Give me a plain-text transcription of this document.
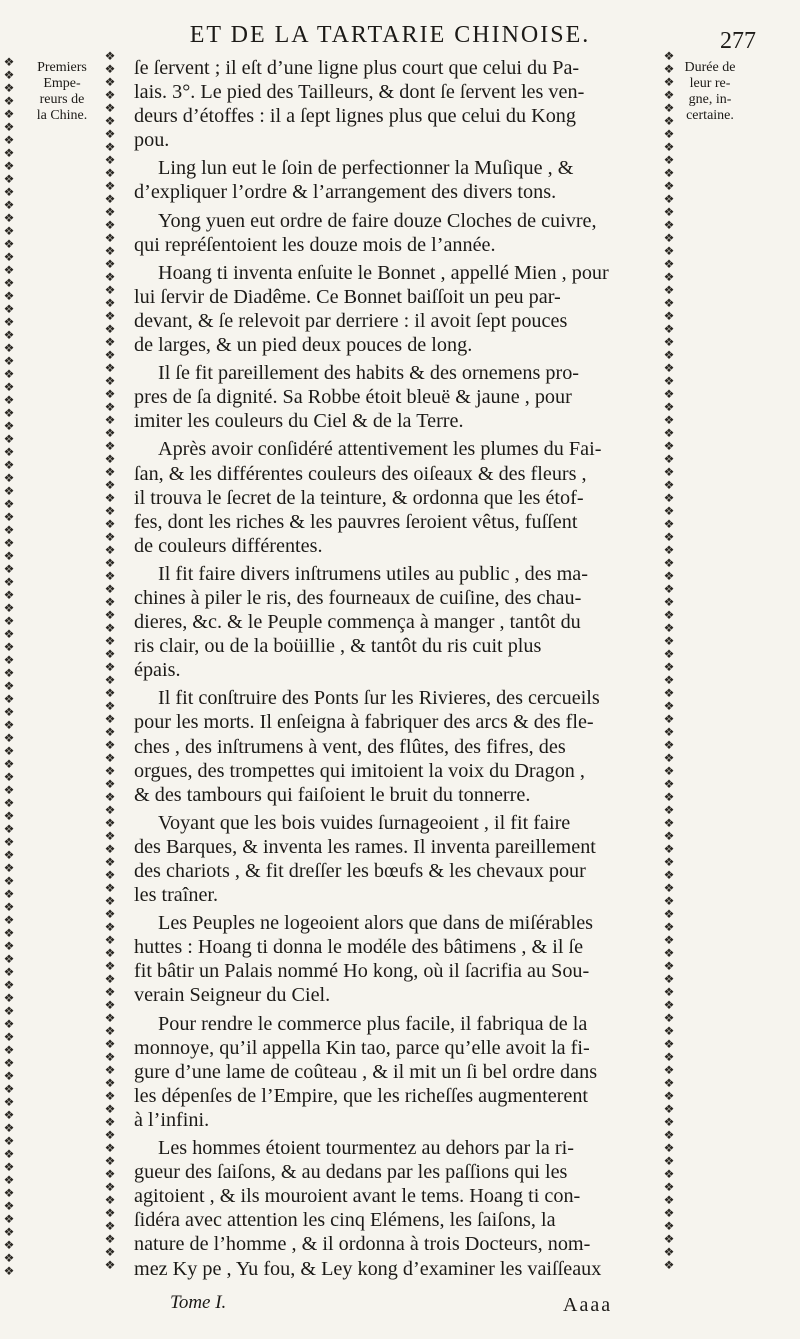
ET DE LA TARTARIE CHINOISE.	277
❖
❖
❖
❖
❖
❖
❖
❖
❖
❖
❖
❖
❖
❖
❖
❖
❖
❖
❖
❖
❖
❖
❖
❖
❖
❖
❖
❖
❖
❖
❖
❖
❖
❖
❖
❖
❖
❖
❖
❖
❖
❖
❖
❖
❖
❖
❖
❖
❖
❖
❖
❖
❖
❖
❖
❖
❖
❖
❖
❖
❖
❖
❖
❖
❖
❖
❖
❖
❖
❖
❖
❖
❖
❖
❖
❖
❖
❖
❖
❖
❖
❖
❖
❖
❖
❖
❖
❖
❖
❖
❖
❖
❖
❖
❖
❖
❖
❖
❖
❖
❖
❖
❖
❖
❖
❖
❖
❖
❖
❖
❖
❖
❖
❖
❖
❖
❖
❖
❖
❖
❖
❖
❖
❖
❖
❖
❖
❖
❖
❖
❖
❖
❖
❖
❖
❖
❖
❖
❖
❖
❖
❖
❖
❖
❖
❖
❖
❖
❖
❖
❖
❖
❖
❖
❖
❖
❖
❖
❖
❖
❖
❖
❖
❖
❖
❖
❖
❖
❖
❖
❖
❖
❖
❖
❖
❖
❖
❖
❖
❖
❖
❖
❖
❖
❖
❖
❖
❖
❖
❖
❖
❖
❖
❖
❖
❖
❖
❖
❖
❖
❖
❖
❖
❖
❖
❖
❖
❖
❖
❖
❖
❖
❖
❖
❖
❖
❖
❖
❖
❖
❖
❖
❖
❖
❖
❖
❖
❖
❖
❖
❖
❖
❖
❖
❖
❖
❖
❖
❖
❖
❖
❖
❖
❖
❖
❖
❖
❖
❖
❖
❖
❖
❖
❖
❖
❖
❖
❖
❖
❖
❖
❖
❖
❖
❖
❖
❖
❖
❖
❖
❖
❖
❖
❖
❖
❖
❖
❖
❖
❖
❖
❖
Premiers
Empe-
reurs de
la Chine.
Durée de
leur re-
gne, in-
certaine.
ſe ſervent ; il eſt d’une ligne plus court que celui du Pa-
lais. 3°. Le pied des Tailleurs, & dont ſe ſervent les ven-
deurs d’étoffes : il a ſept lignes plus que celui du Kong
pou.
Ling lun eut le ſoin de perfectionner la Muſique , &
d’expliquer l’ordre & l’arrangement des divers tons.
Yong yuen eut ordre de faire douze Cloches de cuivre,
qui repréſentoient les douze mois de l’année.
Hoang ti inventa enſuite le Bonnet , appellé Mien , pour
lui ſervir de Diadême. Ce Bonnet baiſſoit un peu par-
devant, & ſe relevoit par derriere : il avoit ſept pouces
de larges, & un pied deux pouces de long.
Il ſe fit pareillement des habits & des ornemens pro-
pres de ſa dignité. Sa Robbe étoit bleuë & jaune , pour
imiter les couleurs du Ciel & de la Terre.
Après avoir conſidéré attentivement les plumes du Fai-
ſan, & les différentes couleurs des oiſeaux & des fleurs ,
il trouva le ſecret de la teinture, & ordonna que les étof-
fes, dont les riches & les pauvres ſeroient vêtus, fuſſent
de couleurs différentes.
Il fit faire divers inſtrumens utiles au public , des ma-
chines à piler le ris, des fourneaux de cuiſine, des chau-
dieres, &c. & le Peuple commença à manger , tantôt du
ris clair, ou de la boüillie , & tantôt du ris cuit plus
épais.
Il fit conſtruire des Ponts ſur les Rivieres, des cercueils
pour les morts. Il enſeigna à fabriquer des arcs & des fle-
ches , des inſtrumens à vent, des flûtes, des fifres, des
orgues, des trompettes qui imitoient la voix du Dragon ,
& des tambours qui faiſoient le bruit du tonnerre.
Voyant que les bois vuides ſurnageoient , il fit faire
des Barques, & inventa les rames. Il inventa pareillement
des chariots , & fit dreſſer les bœufs & les chevaux pour
les traîner.
Les Peuples ne logeoient alors que dans de miſérables
huttes : Hoang ti donna le modéle des bâtimens , & il ſe
fit bâtir un Palais nommé Ho kong, où il ſacrifia au Sou-
verain Seigneur du Ciel.
Pour rendre le commerce plus facile, il fabriqua de la
monnoye, qu’il appella Kin tao, parce qu’elle avoit la fi-
gure d’une lame de coûteau , & il mit un ſi bel ordre dans
les dépenſes de l’Empire, que les richeſſes augmenterent
à l’infini.
Les hommes étoient tourmentez au dehors par la ri-
gueur des ſaiſons, & au dedans par les paſſions qui les
agitoient , & ils mouroient avant le tems. Hoang ti con-
ſidéra avec attention les cinq Elémens, les ſaiſons, la
nature de l’homme , & il ordonna à trois Docteurs, nom-
mez Ky pe , Yu fou, & Ley kong d’examiner les vaiſſeaux
Tome I.	Aaaa
